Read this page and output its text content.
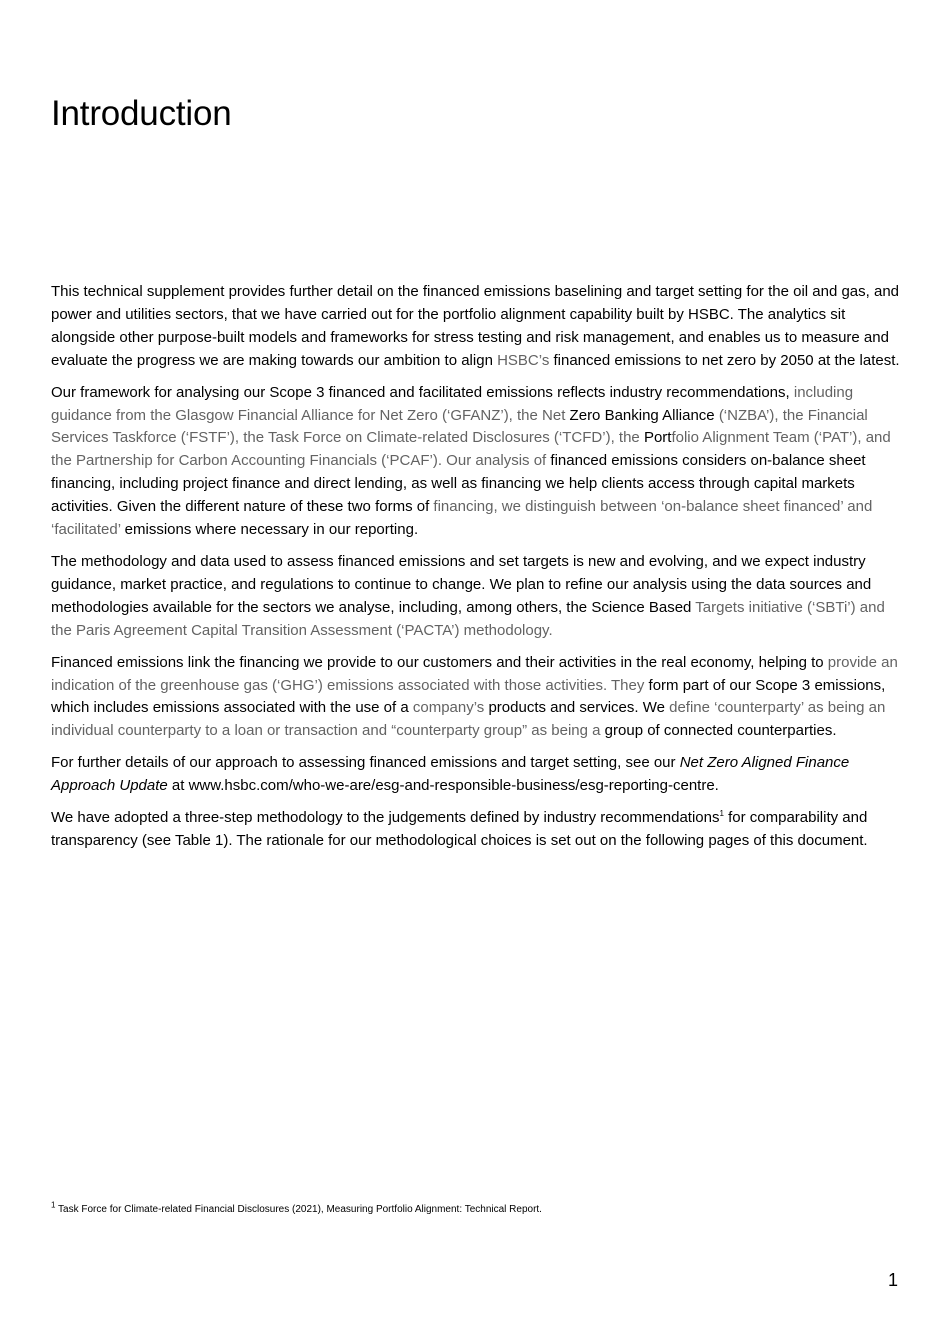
Introduction

This technical supplement provides further detail on the financed emissions baselining and target setting for the oil and gas, and power and utilities sectors, that we have carried out for the portfolio alignment capability built by HSBC. The analytics sit alongside other purpose-built models and frameworks for stress testing and risk management, and enables us to measure and evaluate the progress we are making towards our ambition to align HSBC’s financed emissions to net zero by 2050 at the latest.

Our framework for analysing our Scope 3 financed and facilitated emissions reflects industry recommendations, including guidance from the Glasgow Financial Alliance for Net Zero (‘GFANZ’), the Net Zero Banking Alliance (‘NZBA’), the Financial Services Taskforce (‘FSTF’), the Task Force on Climate-related Disclosures (‘TCFD’), the Portfolio Alignment Team (‘PAT’), and the Partnership for Carbon Accounting Financials (‘PCAF’). Our analysis of financed emissions considers on-balance sheet financing, including project finance and direct lending, as well as financing we help clients access through capital markets activities. Given the different nature of these two forms of financing, we distinguish between ‘on-balance sheet financed’ and ‘facilitated’ emissions where necessary in our reporting.

The methodology and data used to assess financed emissions and set targets is new and evolving, and we expect industry guidance, market practice, and regulations to continue to change. We plan to refine our analysis using the data sources and methodologies available for the sectors we analyse, including, among others, the Science Based Targets initiative (‘SBTi’) and the Paris Agreement Capital Transition Assessment (‘PACTA’) methodology.

Financed emissions link the financing we provide to our customers and their activities in the real economy, helping to provide an indication of the greenhouse gas (‘GHG’) emissions associated with those activities. They form part of our Scope 3 emissions, which includes emissions associated with the use of a company’s products and services. We define ‘counterparty’ as being an individual counterparty to a loan or transaction and “counterparty group” as being a group of connected counterparties.

For further details of our approach to assessing financed emissions and target setting, see our Net Zero Aligned Finance Approach Update at www.hsbc.com/who-we-are/esg-and-responsible-business/esg-reporting-centre.

We have adopted a three-step methodology to the judgements defined by industry recommendations$^1$ for comparability and transparency (see Table 1). The rationale for our methodological choices is set out on the following pages of this document.

$^1$ Task Force for Climate-related Financial Disclosures (2021), Measuring Portfolio Alignment: Technical Report.
1
